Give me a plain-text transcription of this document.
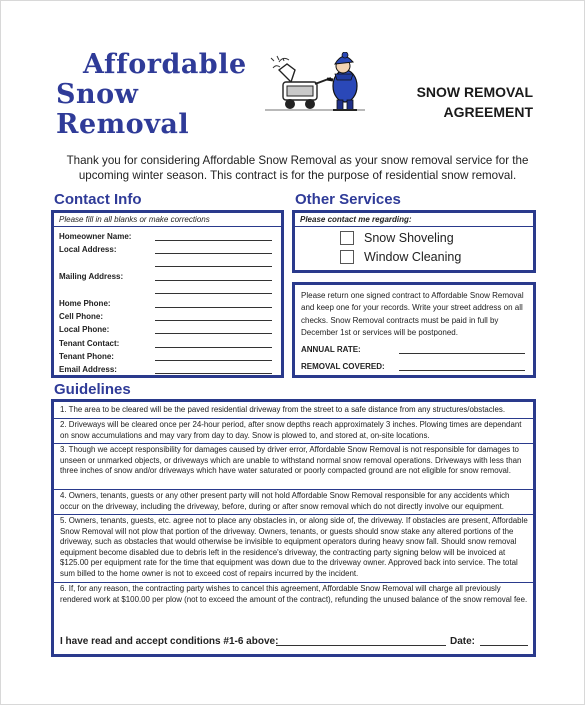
Affordable
Snow Removal
SNOW REMOVAL
AGREEMENT
Thank you for considering Affordable Snow Removal as your snow removal service for the upcoming winter season. This contract is for the purpose of residential snow removal.
Contact Info
Please fill in all blanks or make corrections
Homeowner Name:
Local Address:
Mailing Address:
Home Phone:
Cell Phone:
Local Phone:
Tenant Contact:
Tenant Phone:
Email Address:
Other Services
Please contact me regarding:
Snow Shoveling
Window Cleaning
Please return one signed contract to Affordable Snow Removal and keep one for your records. Write your street address on all checks. Snow Removal contracts must be paid in full by December 1st or services will be postponed.
ANNUAL RATE:
REMOVAL COVERED:
Guidelines
1. The area to be cleared will be the paved residential driveway from the street to a safe distance from any structures/obstacles.
2. Driveways will be cleared once per 24-hour period, after snow depths reach approximately 3 inches. Plowing times are dependant on snow accumulations and may vary from day to day. Snow is plowed to, and stored at, on-site locations.
3. Though we accept responsibility for damages caused by driver error, Affordable Snow Removal is not responsible for damages to unseen or unmarked objects, or driveways which are unable to withstand normal snow removal operations. Driveways with less than three inches of snow and/or driveways which have water saturated or poorly compacted ground are not eligible for snow removal.
4. Owners, tenants, guests or any other present party will not hold Affordable Snow Removal responsible for any accidents which occur on the driveway, including the driveway, before, during or after snow removal which do not directly involve our equipment.
5. Owners, tenants, guests, etc. agree not to place any obstacles in, or along side of, the driveway. If obstacles are present, Affordable Snow Removal will not plow that portion of the driveway. Owners, tenants, or guests should snow stake any altered portions of the driveway, such as obstacles that would otherwise be invisible to equipment operators during heavy snow fall. Should snow removal equipment become disabled due to debris left in the residence's driveway, the contracting party signing below will be invoiced at $125.00 per equipment rate for the time that equipment was down due to the driveway owner. Approved back into service. The total sum billed to the home owner is not to exceed cost of repairs incurred by the incident.
6. If, for any reason, the contracting party wishes to cancel this agreement, Affordable Snow Removal will charge all previously rendered work at $100.00 per plow (not to exceed the amount of the contract), refunding the unused balance of the snow removal fee.
I have read and accept conditions #1-6 above:	Date:
